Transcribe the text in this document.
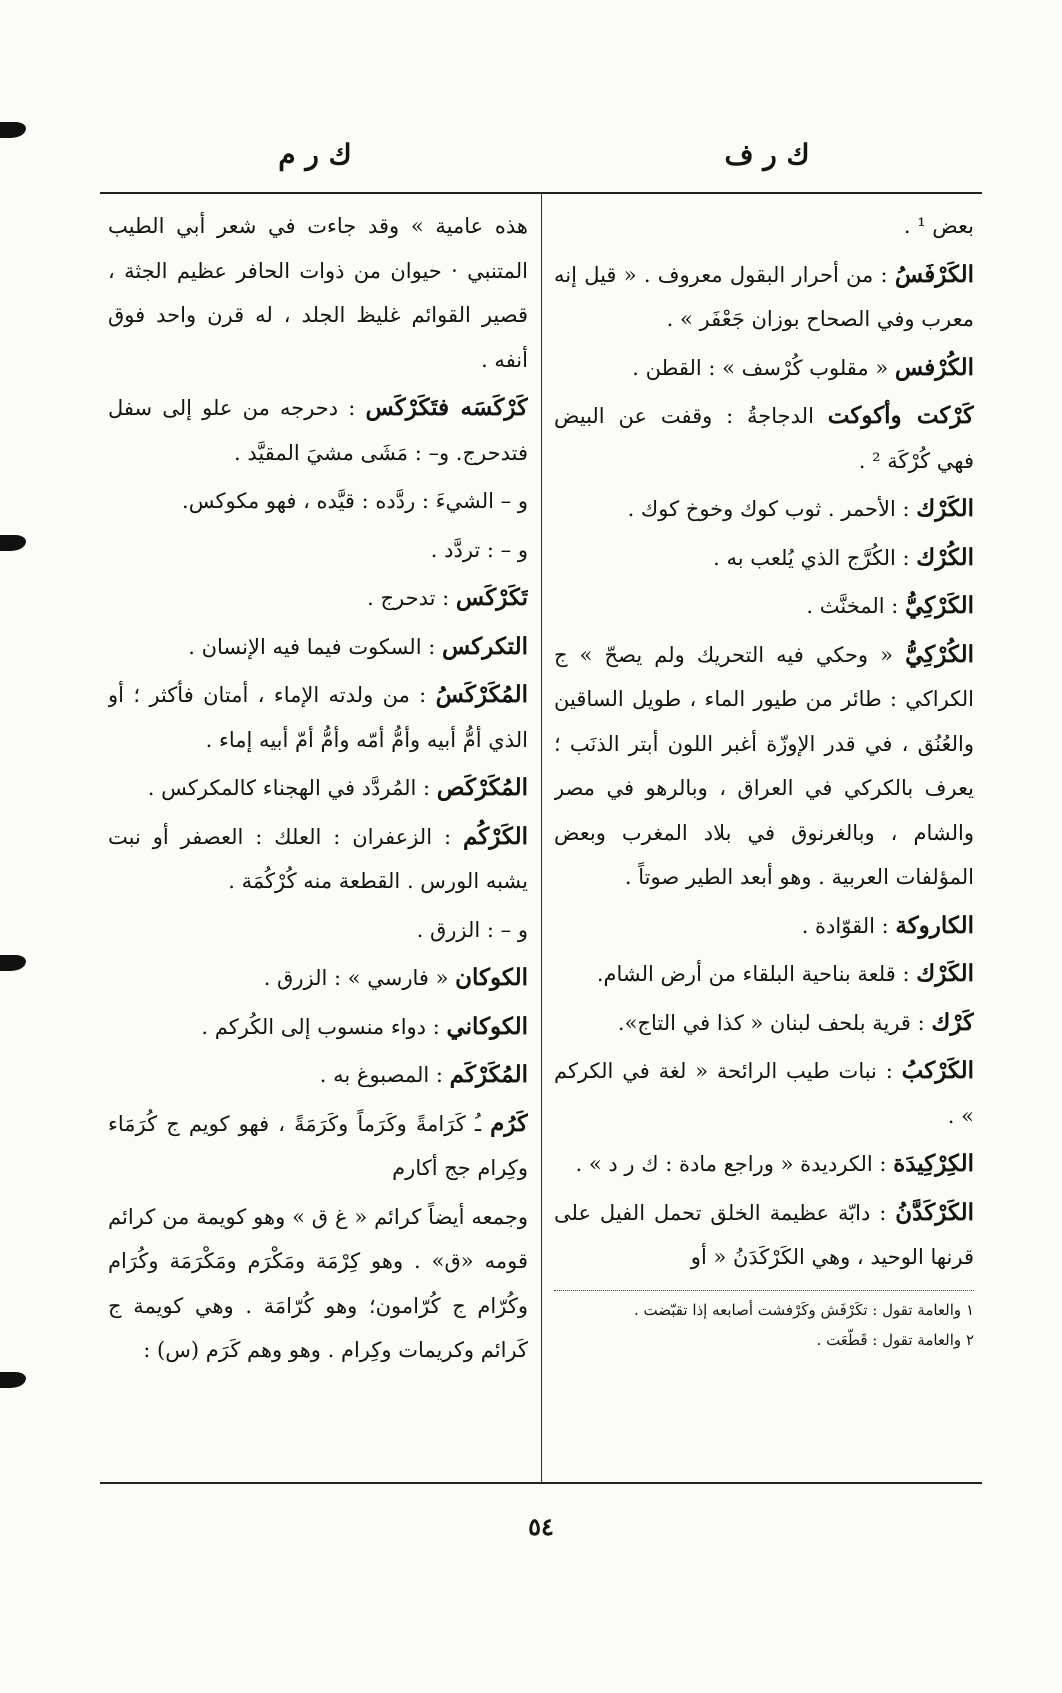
ك ر ف
ك ر م

بعض ¹ .

الكَرْفَسُ : من أحرار البقول معروف . « قيل إنه معرب وفي الصحاح بوزان جَعْفَر » .

الكُرْفس « مقلوب كُرْسف » : القطن .

كَرْكت وأكوكت الدجاجةُ : وقفت عن البيض فهي كُرْكَة ² .

الكَرْك : الأحمر . ثوب كوك وخوخ كوك .

الكُرْك : الكُرَّج الذي يُلعب به .

الكَرْكِيُّ : المخنَّث .

الكُرْكِيُّ « وحكي فيه التحريك ولم يصحّ » ج الكراكي : طائر من طيور الماء ، طويل الساقين والعُنُق ، في قدر الإوزّة أغبر اللون أبتر الذنَب ؛ يعرف بالكركي في العراق ، وبالرهو في مصر والشام ، وبالغرنوق في بلاد المغرب وبعض المؤلفات العربية . وهو أبعد الطير صوتاً .

الكاروكة : القوّادة .

الكَرْك : قلعة بناحية البلقاء من أرض الشام.

كَرْك : قرية بلحف لبنان « كذا في التاج».

الكَرْكبُ : نبات طيب الرائحة « لغة في الكركم » .

الكِرْكِيدَة : الكرديدة « وراجع مادة : ك ر د » .

الكَرْكَدَّنُ : دابّة عظيمة الخلق تحمل الفيل على قرنها الوحيد ، وهي الكَرْكَدَنُ « أو

١ والعامة تقول : تكَرْفَش وكَرْفشت أصابعه إذا تقبّضت .

٢ والعامة تقول : قَطّعَت .

هذه عامية » وقد جاءت في شعر أبي الطيب المتنبي · حيوان من ذوات الحافر عظيم الجثة ، قصير القوائم غليظ الجلد ، له قرن واحد فوق أنفه .

كَرْكَسَه فتَكَرْكَس : دحرجه من علو إلى سفل فتدحرج. و– : مَشَى مشيَ المقيَّد .

و – الشيءَ : ردَّده : قيَّده ، فهو مكوكس.

و – : تردَّد .

تَكَرْكَس : تدحرج .

التكركس : السكوت فيما فيه الإنسان .

المُكَرْكَسُ : من ولدته الإماء ، أمتان فأكثر ؛ أو الذي أمُّ أبيه وأمُّ أمّه وأمُّ أمّ أبيه إماء .

المُكَرْكَص : المُردَّد في الهجناء كالمكركس .

الكَرْكُم : الزعفران : العلك : العصفر أو نبت يشبه الورس . القطعة منه كُرْكُمَة .

و – : الزرق .

الكوكان « فارسي » : الزرق .

الكوكاني : دواء منسوب إلى الكُركم .

المُكَرْكَم : المصبوغ به .

كَرُم ـُ كَرَامةً وكَرَماً وكَرَمَةً ، فهو كويم ج كُرَمَاء وكِرام جج أكارم

وجمعه أيضاً كرائم « غ ق » وهو كويمة من كرائم قومه «ق» . وهو كِرْمَة ومَكْرَم ومَكْرَمَة وكُرَام وكُرّام ج كُرّامون؛ وهو كُرّامَة . وهي كويمة ج كَرائم وكريمات وكِرام . وهو وهم كَرَم (س) :

٥٤
